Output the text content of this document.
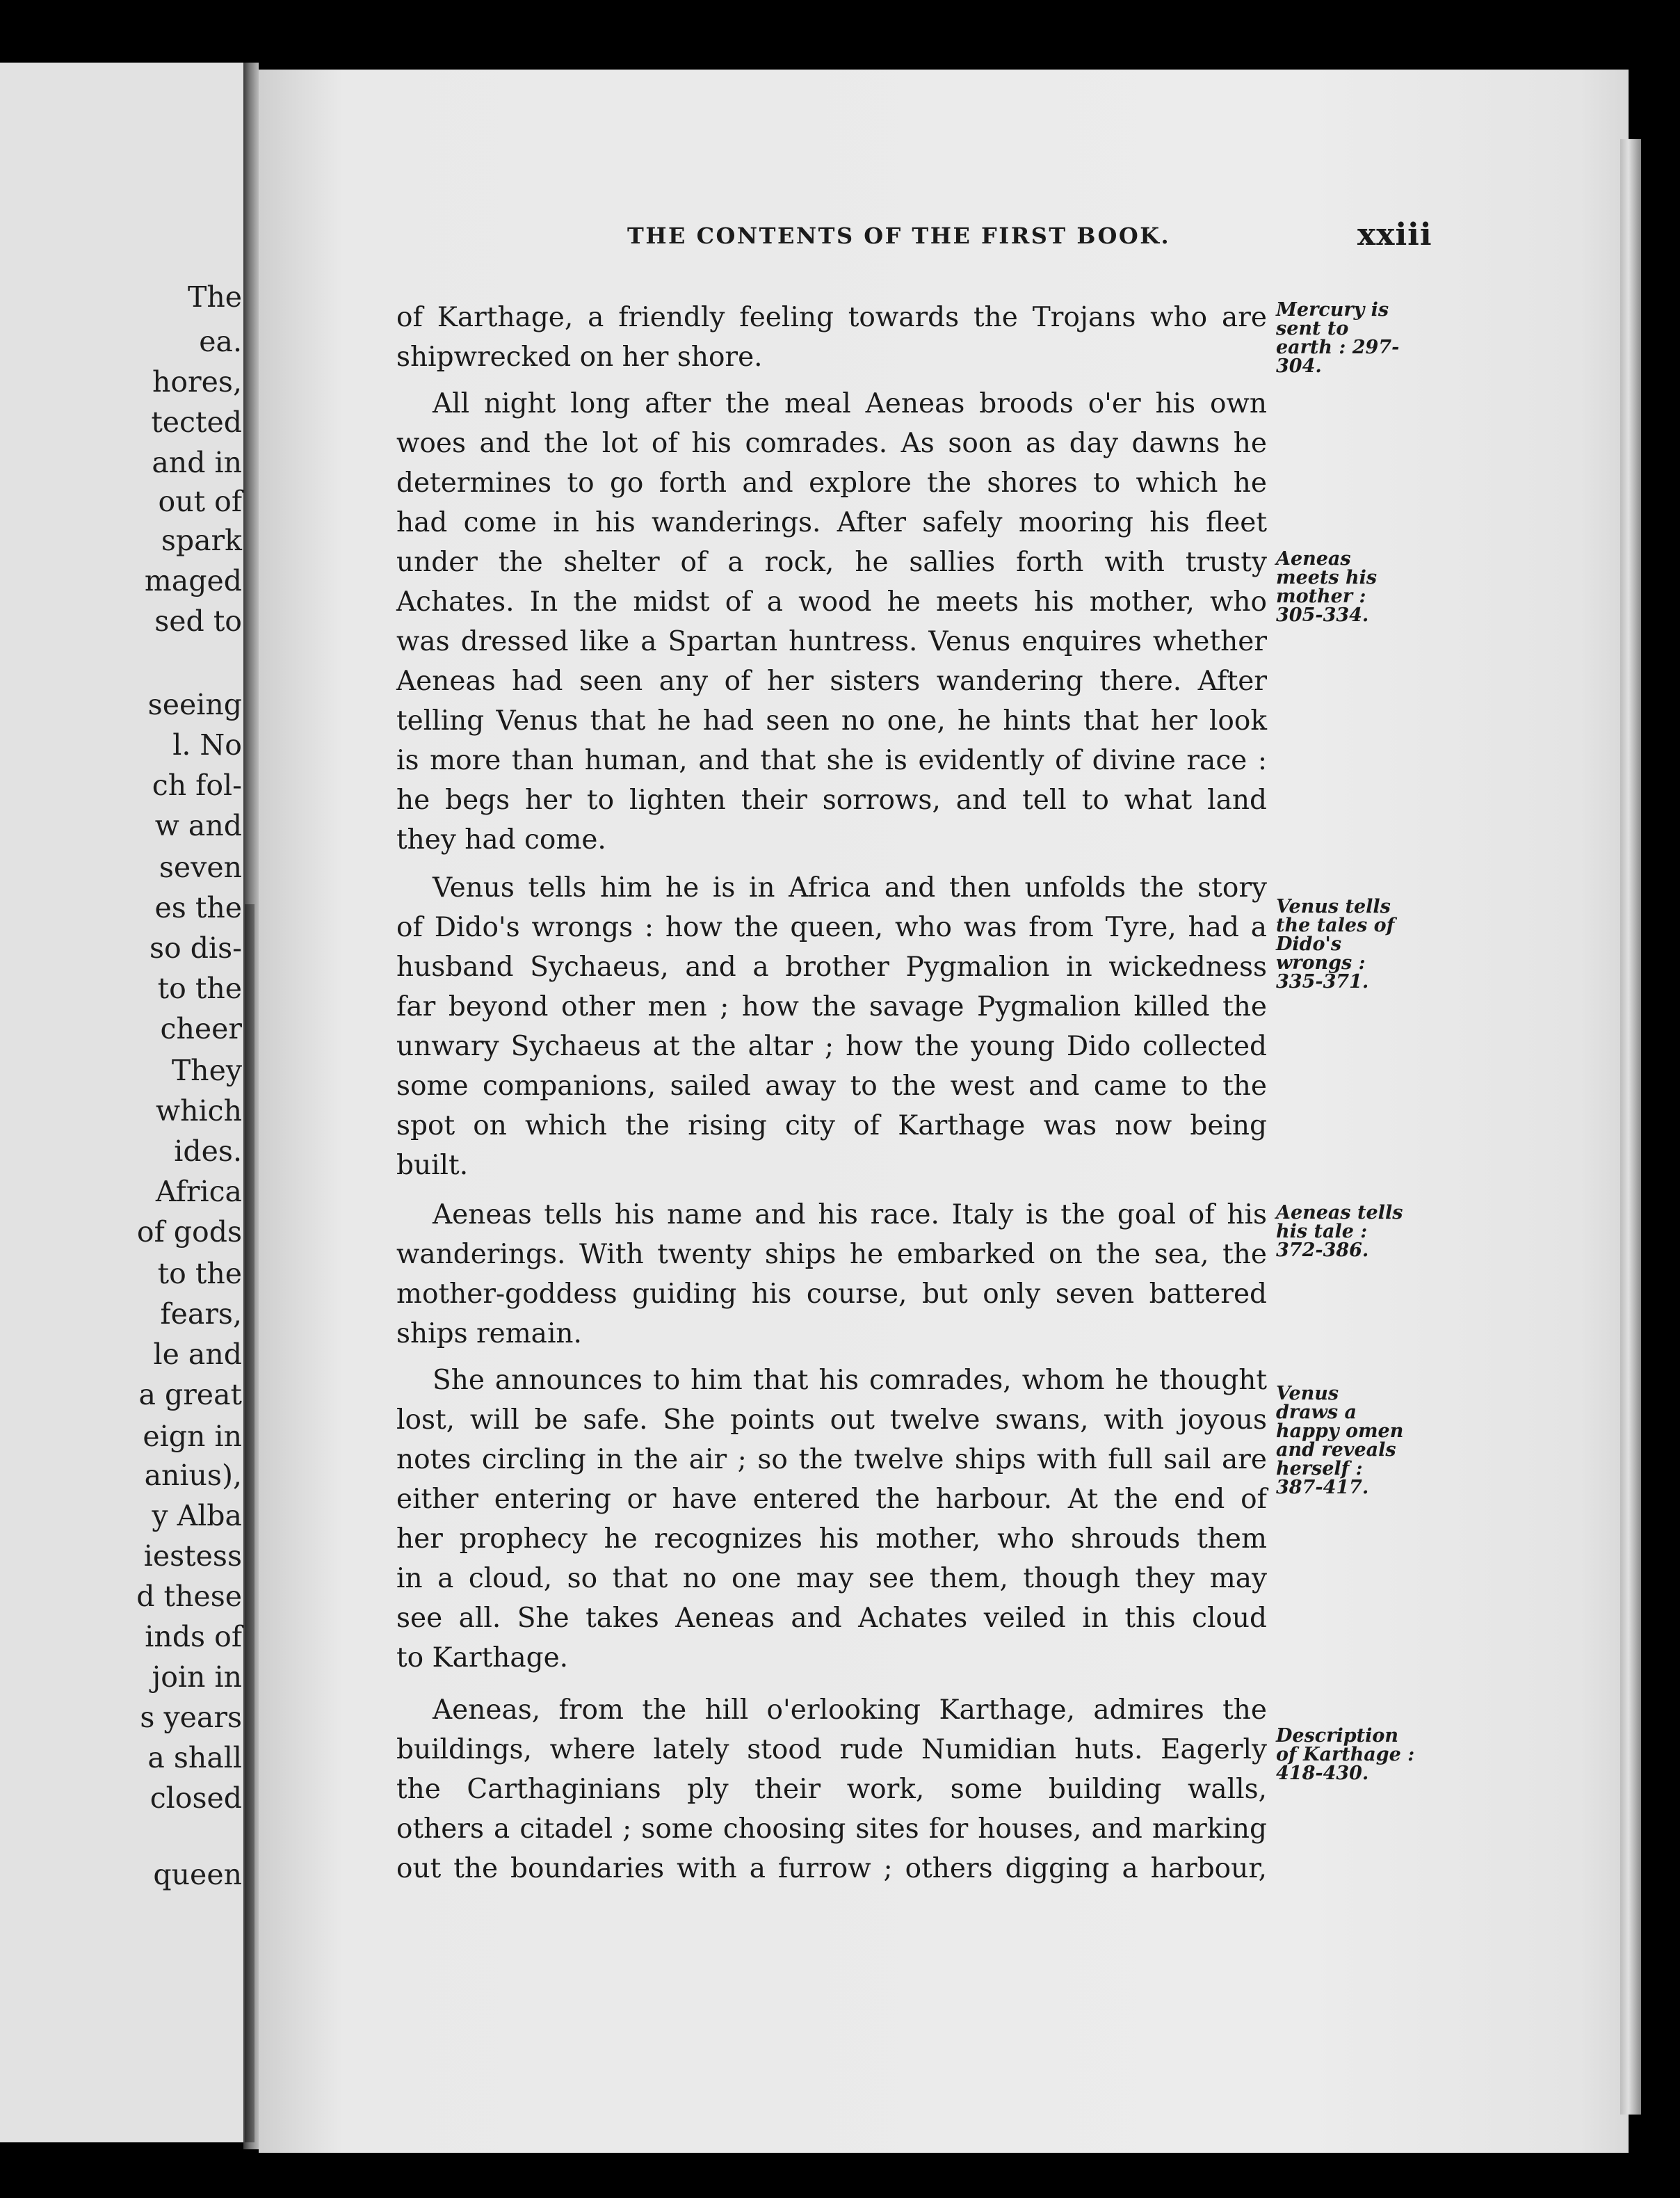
The
ea.
hores,
tected
and in
out of
spark
maged
sed to
seeing
l. No
ch fol-
w and
seven
es the
so dis-
to the
cheer
They
which
ides.
Africa
of gods
to the
fears,
le and
a great
eign in
anius),
y Alba
iestess
d these
inds of
join in
s years
a shall
closed
queen
THE CONTENTS OF THE FIRST BOOK.	xxiii
of Karthage, a friendly feeling towards the Trojans who are
shipwrecked on her shore.
All night long after the meal Aeneas broods o'er his own
woes and the lot of his comrades. As soon as day dawns he
determines to go forth and explore the shores to which he
had come in his wanderings. After safely mooring his fleet
under the shelter of a rock, he sallies forth with trusty
Achates. In the midst of a wood he meets his mother, who
was dressed like a Spartan huntress. Venus enquires whether
Aeneas had seen any of her sisters wandering there. After
telling Venus that he had seen no one, he hints that her look
is more than human, and that she is evidently of divine race :
he begs her to lighten their sorrows, and tell to what land
they had come.
Venus tells him he is in Africa and then unfolds the story
of Dido's wrongs : how the queen, who was from Tyre, had a
husband Sychaeus, and a brother Pygmalion in wickedness
far beyond other men ; how the savage Pygmalion killed the
unwary Sychaeus at the altar ; how the young Dido collected
some companions, sailed away to the west and came to the
spot on which the rising city of Karthage was now being
built.
Aeneas tells his name and his race. Italy is the goal of his
wanderings. With twenty ships he embarked on the sea, the
mother-goddess guiding his course, but only seven battered
ships remain.
She announces to him that his comrades, whom he thought
lost, will be safe. She points out twelve swans, with joyous
notes circling in the air ; so the twelve ships with full sail are
either entering or have entered the harbour. At the end of
her prophecy he recognizes his mother, who shrouds them
in a cloud, so that no one may see them, though they may
see all. She takes Aeneas and Achates veiled in this cloud
to Karthage.
Aeneas, from the hill o'erlooking Karthage, admires the
buildings, where lately stood rude Numidian huts. Eagerly
the Carthaginians ply their work, some building walls,
others a citadel ; some choosing sites for houses, and marking
out the boundaries with a furrow ; others digging a harbour,
Mercury is
sent to
earth : 297-
304.
Aeneas
meets his
mother :
305-334.
Venus tells
the tales of
Dido's
wrongs :
335-371.
Aeneas tells
his tale :
372-386.
Venus
draws a
happy omen
and reveals
herself :
387-417.
Description
of Karthage :
418-430.
